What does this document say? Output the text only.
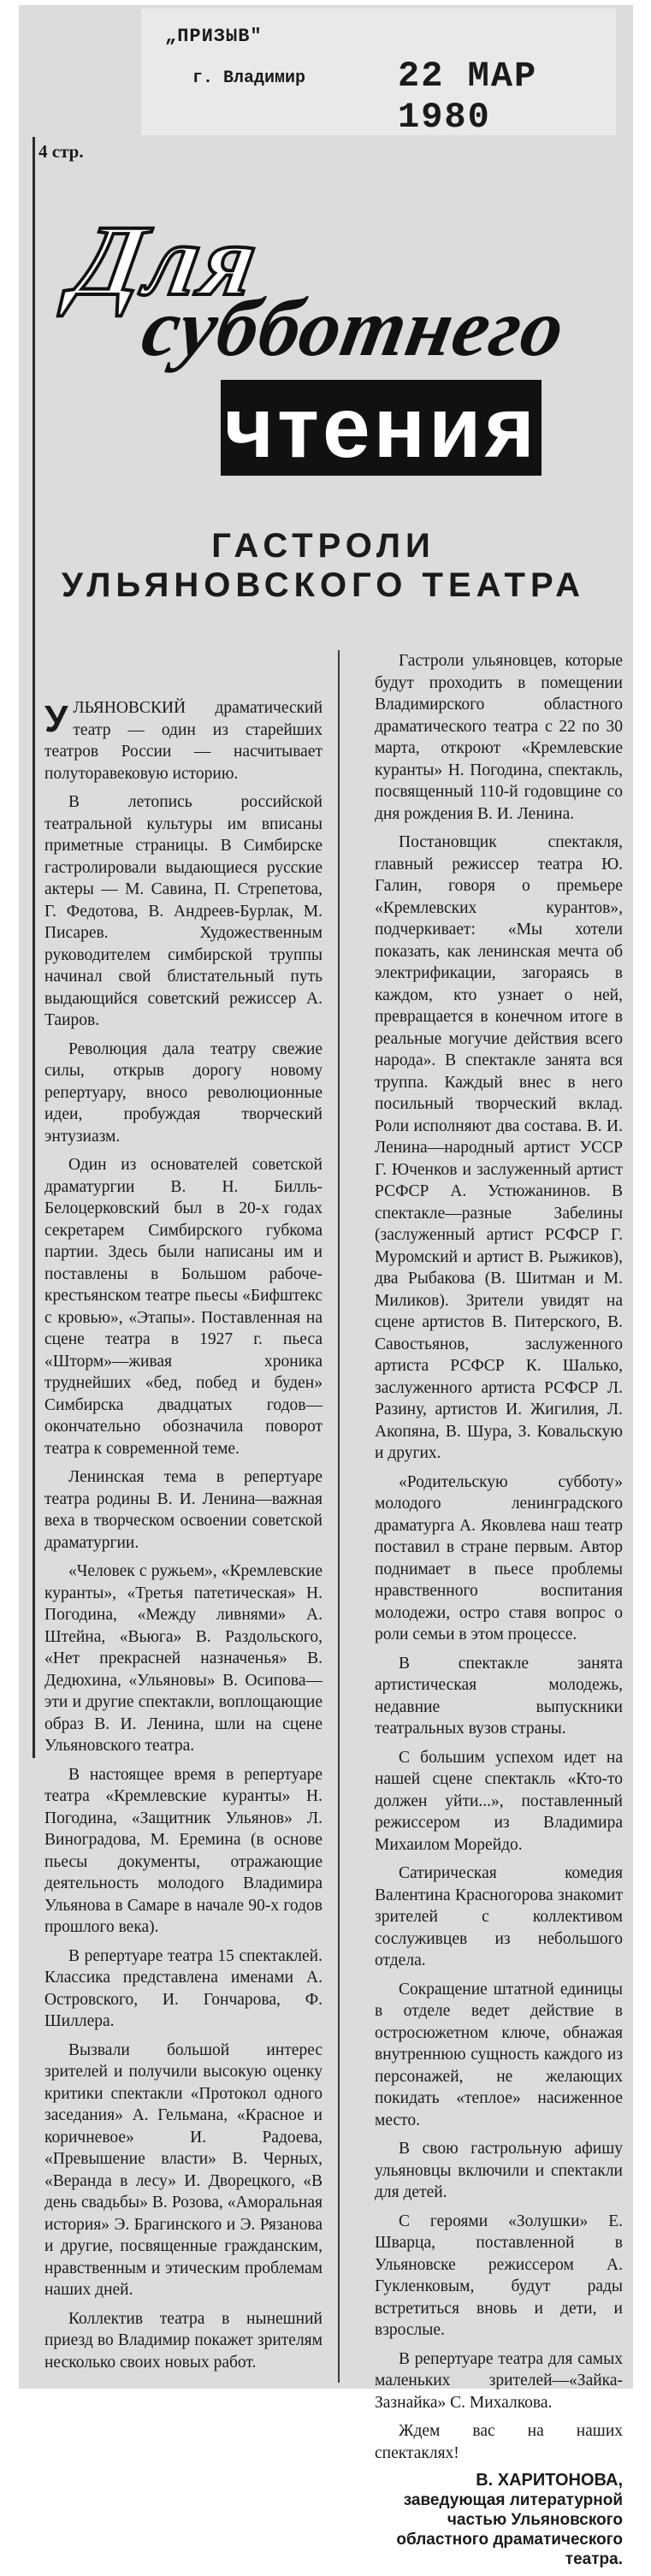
„ПРИЗЫВ"
г. Владимир	22 МАР 1980
4 стр.
Для
субботнего
чтения
ГАСТРОЛИ УЛЬЯНОВСКОГО ТЕАТРА

УЛЬЯНОВСКИЙ драматический театр — один из старейших театров России — насчитывает полуторавековую историю.

В летопись российской театральной культуры им вписаны приметные страницы. В Симбирске гастролировали выдающиеся русские актеры — М. Савина, П. Стрепетова, Г. Федотова, В. Андреев-Бурлак, М. Писарев. Художественным руководителем симбирской труппы начинал свой блистательный путь выдающийся советский режиссер А. Таиров.

Революция дала театру свежие силы, открыв дорогу новому репертуару, вносо революционные идеи, пробуждая творческий энтузиазм.

Один из основателей советской драматургии В. Н. Билль-Белоцерковский был в 20-х годах секретарем Симбирского губкома партии. Здесь были написаны им и поставлены в Большом рабоче-крестьянском театре пьесы «Бифштекс с кровью», «Этапы». Поставленная на сцене театра в 1927 г. пьеса «Шторм»—живая хроника труднейших «бед, побед и буден» Симбирска двадцатых годов—окончательно обозначила поворот театра к современной теме.

Ленинская тема в репертуаре театра родины В. И. Ленина—важная веха в творческом освоении советской драматургии.

«Человек с ружьем», «Кремлевские куранты», «Третья патетическая» Н. Погодина, «Между ливнями» А. Штейна, «Вьюга» В. Раздольского, «Нет прекрасней назначенья» В. Дедюхина, «Ульяновы» В. Осипова—эти и другие спектакли, воплощающие образ В. И. Ленина, шли на сцене Ульяновского театра.

В настоящее время в репертуаре театра «Кремлевские куранты» Н. Погодина, «Защитник Ульянов» Л. Виноградова, М. Еремина (в основе пьесы документы, отражающие деятельность молодого Владимира Ульянова в Самаре в начале 90-х годов прошлого века).

В репертуаре театра 15 спектаклей. Классика представлена именами А. Островского, И. Гончарова, Ф. Шиллера.

Вызвали большой интерес зрителей и получили высокую оценку критики спектакли «Протокол одного заседания» А. Гельмана, «Красное и коричневое» И. Радоева, «Превышение власти» В. Черных, «Веранда в лесу» И. Дворецкого, «В день свадьбы» В. Розова, «Аморальная история» Э. Брагинского и Э. Рязанова и другие, посвященные гражданским, нравственным и этическим проблемам наших дней.

Коллектив театра в нынешний приезд во Владимир покажет зрителям несколько своих новых работ.

Гастроли ульяновцев, которые будут проходить в помещении Владимирского областного драматического театра с 22 по 30 марта, откроют «Кремлевские куранты» Н. Погодина, спектакль, посвященный 110-й годовщине со дня рождения В. И. Ленина.

Постановщик спектакля, главный режиссер театра Ю. Галин, говоря о премьере «Кремлевских курантов», подчеркивает: «Мы хотели показать, как ленинская мечта об электрификации, загораясь в каждом, кто узнает о ней, превращается в конечном итоге в реальные могучие действия всего народа». В спектакле занята вся труппа. Каждый внес в него посильный творческий вклад. Роли исполняют два состава. В. И. Ленина—народный артист УССР Г. Юченков и заслуженный артист РСФСР А. Устюжанинов. В спектакле—разные Забелины (заслуженный артист РСФСР Г. Муромский и артист В. Рыжиков), два Рыбакова (В. Шитман и М. Миликов). Зрители увидят на сцене артистов В. Питерского, В. Савостьянов, заслуженного артиста РСФСР К. Шалько, заслуженного артиста РСФСР Л. Разину, артистов И. Жигилия, Л. Акопяна, В. Шура, З. Ковальскую и других.

«Родительскую субботу» молодого ленинградского драматурга А. Яковлева наш театр поставил в стране первым. Автор поднимает в пьесе проблемы нравственного воспитания молодежи, остро ставя вопрос о роли семьи в этом процессе.

В спектакле занята артистическая молодежь, недавние выпускники театральных вузов страны.

С большим успехом идет на нашей сцене спектакль «Кто-то должен уйти...», поставленный режиссером из Владимира Михаилом Морейдо.

Сатирическая комедия Валентина Красногорова знакомит зрителей с коллективом сослуживцев из небольшого отдела.

Сокращение штатной единицы в отделе ведет действие в остросюжетном ключе, обнажая внутреннюю сущность каждого из персонажей, не желающих покидать «теплое» насиженное место.

В свою гастрольную афишу ульяновцы включили и спектакли для детей.

С героями «Золушки» Е. Шварца, поставленной в Ульяновске режиссером А. Гукленковым, будут рады встретиться вновь и дети, и взрослые.

В репертуаре театра для самых маленьких зрителей—«Зайка-Зазнайка» С. Михалкова.

Ждем вас на наших спектаклях!

В. ХАРИТОНОВА,
заведующая литературной частью Ульяновского областного драматического театра.
